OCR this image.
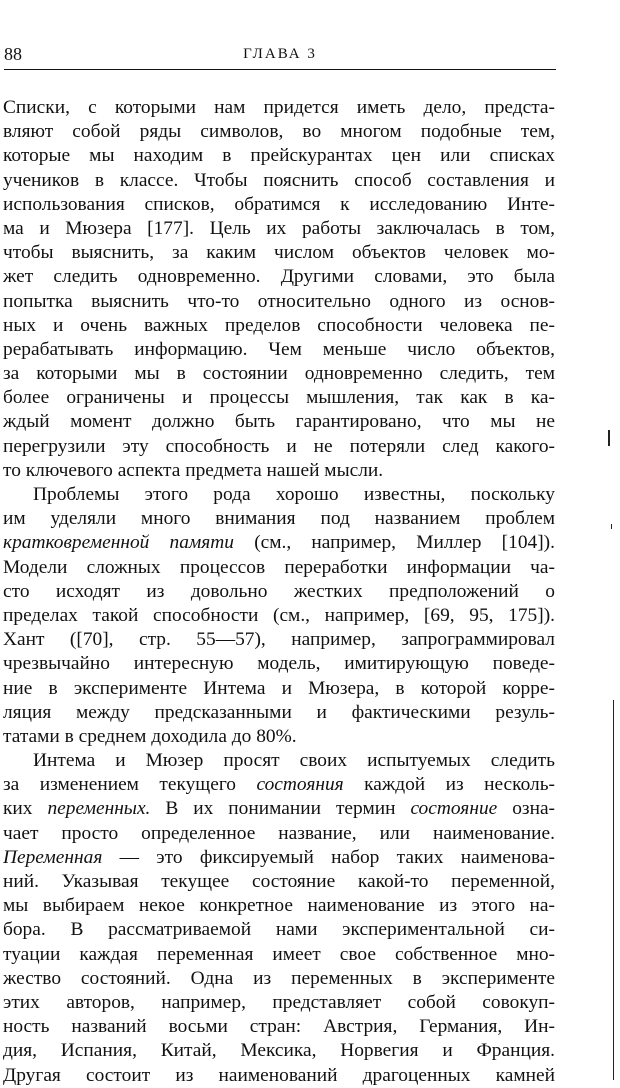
88	ГЛАВА 3
Списки, с которыми нам придется иметь дело, предста-
вляют собой ряды символов, во многом подобные тем,
которые мы находим в прейскурантах цен или списках
учеников в классе. Чтобы пояснить способ составления и
использования списков, обратимся к исследованию Интe-
ма и Мюзера [177]. Цель их работы заключалась в том,
чтобы выяснить, за каким числом объектов человек мо-
жет следить одновременно. Другими словами, это была
попытка выяснить что-то относительно одного из основ-
ных и очень важных пределов способности человека пе-
рерабатывать информацию. Чем меньше число объектов,
за которыми мы в состоянии одновременно следить, тем
более ограничены и процессы мышления, так как в ка-
ждый момент должно быть гарантировано, что мы не
перегрузили эту способность и не потеряли след какого-
то ключевого аспекта предмета нашей мысли.
Проблемы этого рода хорошо известны, поскольку
им уделяли много внимания под названием проблем
кратковременной памяти (см., например, Миллер [104]).
Модели сложных процессов переработки информации ча-
сто исходят из довольно жестких предположений о
пределах такой способности (см., например, [69, 95, 175]).
Хант ([70], стр. 55—57), например, запрограммировал
чрезвычайно интересную модель, имитирующую поведе-
ние в эксперименте Интема и Мюзера, в которой корре-
ляция между предсказанными и фактическими резуль-
татами в среднем доходила до 80%.
Интема и Мюзер просят своих испытуемых следить
за изменением текущего состояния каждой из несколь-
ких переменных. В их понимании термин состояние озна-
чает просто определенное название, или наименование.
Переменная — это фиксируемый набор таких наименова-
ний. Указывая текущее состояние какой-то переменной,
мы выбираем некое конкретное наименование из этого на-
бора. В рассматриваемой нами экспериментальной си-
туации каждая переменная имеет свое собственное мно-
жество состояний. Одна из переменных в эксперименте
этих авторов, например, представляет собой совокуп-
ность названий восьми стран: Австрия, Германия, Ин-
дия, Испания, Китай, Мексика, Норвегия и Франция.
Другая состоит из наименований драгоценных камней
